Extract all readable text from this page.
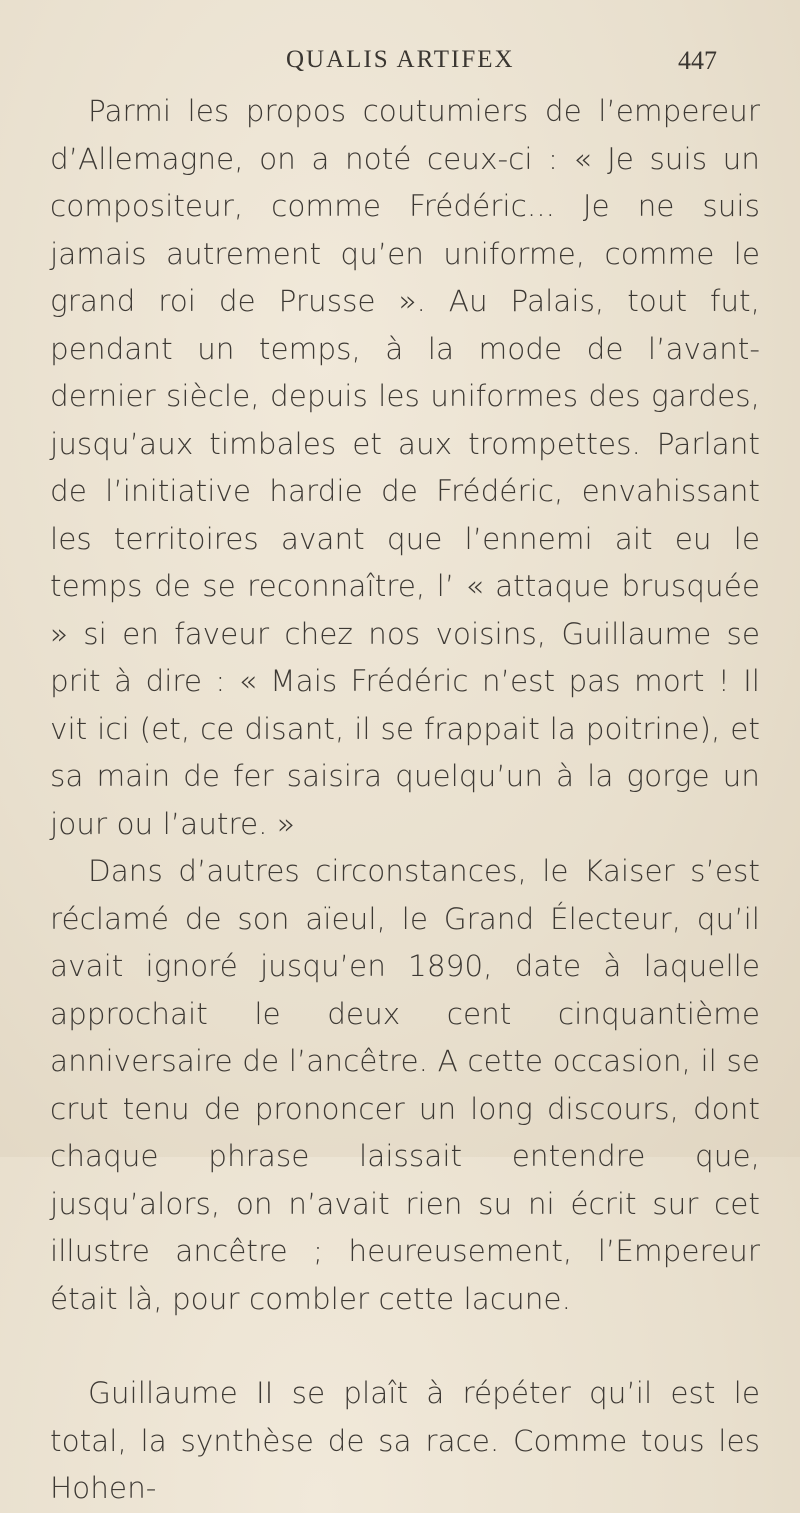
QUALIS ARTIFEX	447

Parmi les propos coutumiers de l’empereur d’Allemagne, on a noté ceux-ci : « Je suis un compositeur, comme Frédéric... Je ne suis jamais autrement qu’en uniforme, comme le grand roi de Prusse ». Au Palais, tout fut, pendant un temps, à la mode de l’avant-dernier siècle, depuis les uniformes des gardes, jusqu’aux timbales et aux trompettes. Parlant de l’initiative hardie de Frédéric, envahissant les territoires avant que l’ennemi ait eu le temps de se reconnaître, l’ « attaque brusquée » si en faveur chez nos voisins, Guillaume se prit à dire : « Mais Frédéric n’est pas mort ! Il vit ici (et, ce disant, il se frappait la poitrine), et sa main de fer saisira quelqu’un à la gorge un jour ou l’autre. »

Dans d’autres circonstances, le Kaiser s’est réclamé de son aïeul, le Grand Électeur, qu’il avait ignoré jusqu’en 1890, date à laquelle approchait le deux cent cinquantième anniversaire de l’ancêtre. A cette occasion, il se crut tenu de prononcer un long discours, dont chaque phrase laissait entendre que, jusqu’alors, on n’avait rien su ni écrit sur cet illustre ancêtre ; heureusement, l’Empereur était là, pour combler cette lacune.

Guillaume II se plaît à répéter qu’il est le total, la synthèse de sa race. Comme tous les Hohen-
